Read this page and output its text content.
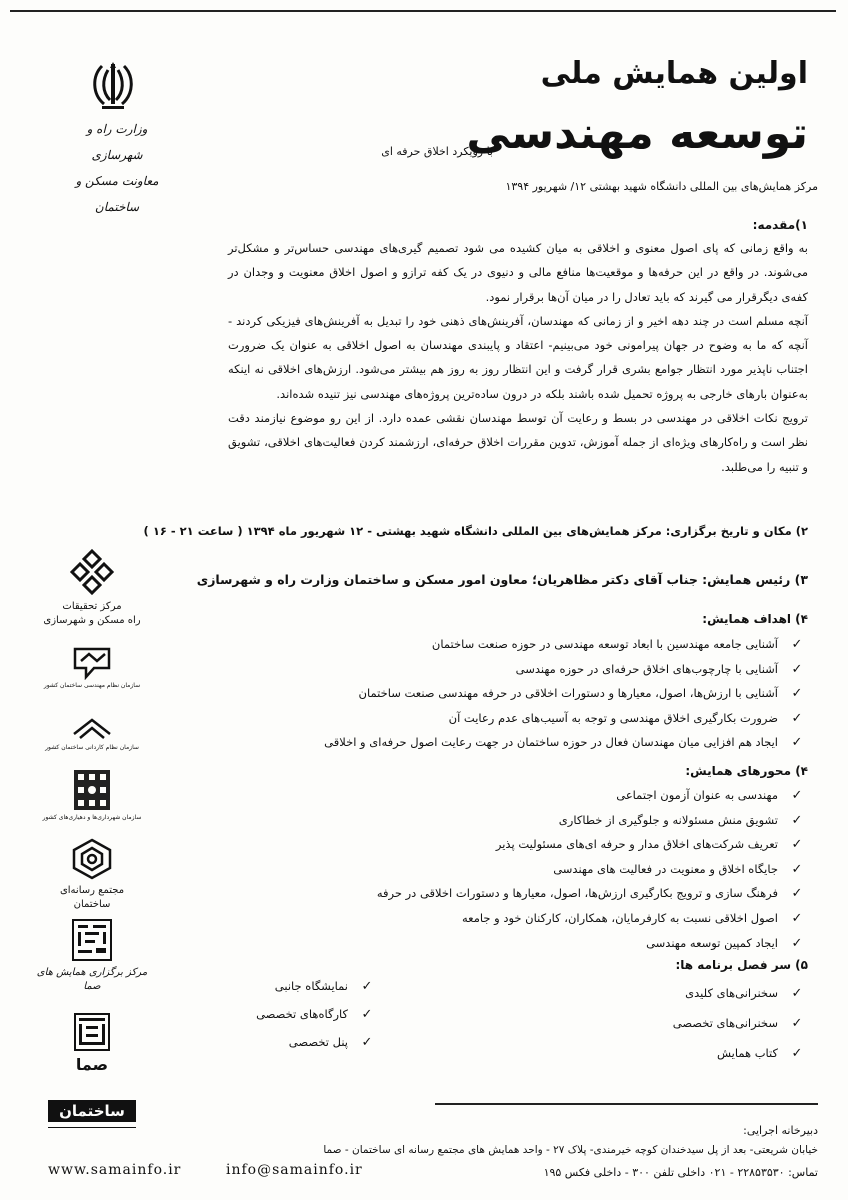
اولین همایش ملی
توسعه مهندسی
با رویکرد اخلاق حرفه ای
مرکز همایش‌های بین المللی دانشگاه شهید بهشتی ۱۲/ شهریور ۱۳۹۴
وزارت راه و شهرسازی
معاونت مسکن و ساختمان
۱)مقدمه:

به واقع زمانی که پای اصول معنوی و اخلاقی به میان کشیده می شود تصمیم گیری‌های مهندسی حساس‌تر و مشکل‌تر می‌شوند. در واقع در این حرفه‌ها و موقعیت‌ها منافع مالی و دنیوی در یک کفه ترازو و اصول اخلاق معنویت و وجدان در کفه‌ی دیگرقرار می گیرند که باید تعادل را در میان آن‌ها برقرار نمود.

آنچه مسلم است در چند دهه اخیر و از زمانی که مهندسان، آفرینش‌های ذهنی خود را تبدیل به آفرینش‌های فیزیکی کردند - آنچه که ما به وضوح در جهان پیرامونی خود می‌بینیم- اعتقاد و پایبندی مهندسان به اصول اخلاقی به عنوان یک ضرورت اجتناب ناپذیر مورد انتظار جوامع بشری قرار گرفت و این انتظار روز به روز هم بیشتر می‌شود. ارزش‌های اخلاقی نه اینکه به‌عنوان بارهای خارجی به پروژه تحمیل شده باشند بلکه در درون ساده‌ترین پروژه‌های مهندسی نیز تنیده شده‌اند.

ترویج نکات اخلاقی در مهندسی در بسط و رعایت آن توسط مهندسان نقشی عمده دارد. از این رو موضوع نیازمند دقت نظر است و راه‌کارهای ویژه‌ای از جمله آموزش، تدوین مقررات اخلاق حرفه‌ای، ارزشمند کردن فعالیت‌های اخلاقی، تشویق و تنبیه را می‌طلبد.

۲) مکان و تاریخ برگزاری: مرکز همایش‌های بین المللی دانشگاه شهید بهشتی - ۱۲ شهریور ماه ۱۳۹۴ ( ساعت ۲۱ - ۱۶ )
۳) رئیس همایش: جناب آقای دکتر مظاهریان؛ معاون امور مسکن و ساختمان وزارت راه و شهرسازی
۴) اهداف همایش:
✓آشنایی جامعه مهندسین با ابعاد توسعه مهندسی در حوزه صنعت ساختمان
✓آشنایی با چارچوب‌های اخلاق حرفه‌ای در حوزه مهندسی
✓آشنایی با ارزش‌ها، اصول، معیارها و دستورات اخلاقی در حرفه مهندسی صنعت ساختمان
✓ضرورت بکارگیری اخلاق مهندسی و توجه به آسیب‌های عدم رعایت آن
✓ایجاد هم افزایی میان مهندسان فعال در حوزه ساختمان در جهت رعایت اصول حرفه‌ای و اخلاقی
۴) محورهای همایش:
✓مهندسی به عنوان آزمون اجتماعی
✓تشویق منش مسئولانه و جلوگیری از خطاکاری
✓تعریف شرکت‌های اخلاق مدار و حرفه ای‌های مسئولیت پذیر
✓جایگاه اخلاق و معنویت در فعالیت های مهندسی
✓فرهنگ سازی و ترویج بکارگیری ارزش‌ها، اصول، معیارها و دستورات اخلاقی در حرفه
✓اصول اخلاقی نسبت به کارفرمایان، همکاران، کارکنان خود و جامعه
✓ایجاد کمپین توسعه مهندسی
۵) سر فصل برنامه ها:
✓سخنرانی‌های کلیدی
✓سخنرانی‌های تخصصی
✓کتاب همایش
✓نمایشگاه جانبی
✓کارگاه‌های تخصصی
✓پنل تخصصی
مرکز تحقیقات
راه مسکن و شهرسازی
سازمان نظام مهندسی ساختمان کشور
سازمان نظام کاردانی ساختمان کشور
سازمان شهرداری‌ها و دهیاری‌های کشور
مجتمع رسانه‌ای ساختمان
مرکز برگزاری همایش های صما
صما
ساختمان
دبیرخانه اجرایی:
خیابان شریعتی- بعد از پل سیدخندان کوچه خیرمندی- پلاک ۲۷ - واحد همایش های مجتمع رسانه ای ساختمان - صما
تماس: ۲۲۸۵۳۵۳۰ - ۰۲۱ داخلی تلفن ۳۰۰ - داخلی فکس ۱۹۵
www.samainfo.ir	info@samainfo.ir
